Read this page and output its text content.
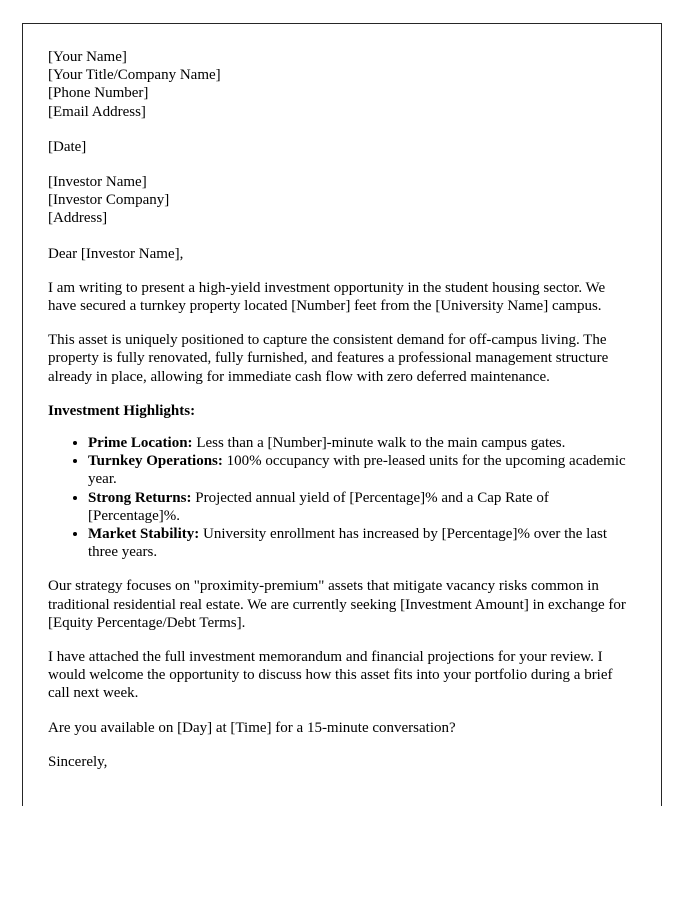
[Your Name]
[Your Title/Company Name]
[Phone Number]
[Email Address]
[Date]
[Investor Name]
[Investor Company]
[Address]
Dear [Investor Name],

I am writing to present a high-yield investment opportunity in the student housing sector. We have secured a turnkey property located [Number] feet from the [University Name] campus.

This asset is uniquely positioned to capture the consistent demand for off-campus living. The property is fully renovated, fully furnished, and features a professional management structure already in place, allowing for immediate cash flow with zero deferred maintenance.

Investment Highlights:
• Prime Location: Less than a [Number]-minute walk to the main campus gates.
• Turnkey Operations: 100% occupancy with pre-leased units for the upcoming academic year.
• Strong Returns: Projected annual yield of [Percentage]% and a Cap Rate of [Percentage]%.
• Market Stability: University enrollment has increased by [Percentage]% over the last three years.

Our strategy focuses on "proximity-premium" assets that mitigate vacancy risks common in traditional residential real estate. We are currently seeking [Investment Amount] in exchange for [Equity Percentage/Debt Terms].

I have attached the full investment memorandum and financial projections for your review. I would welcome the opportunity to discuss how this asset fits into your portfolio during a brief call next week.

Are you available on [Day] at [Time] for a 15-minute conversation?

Sincerely,
